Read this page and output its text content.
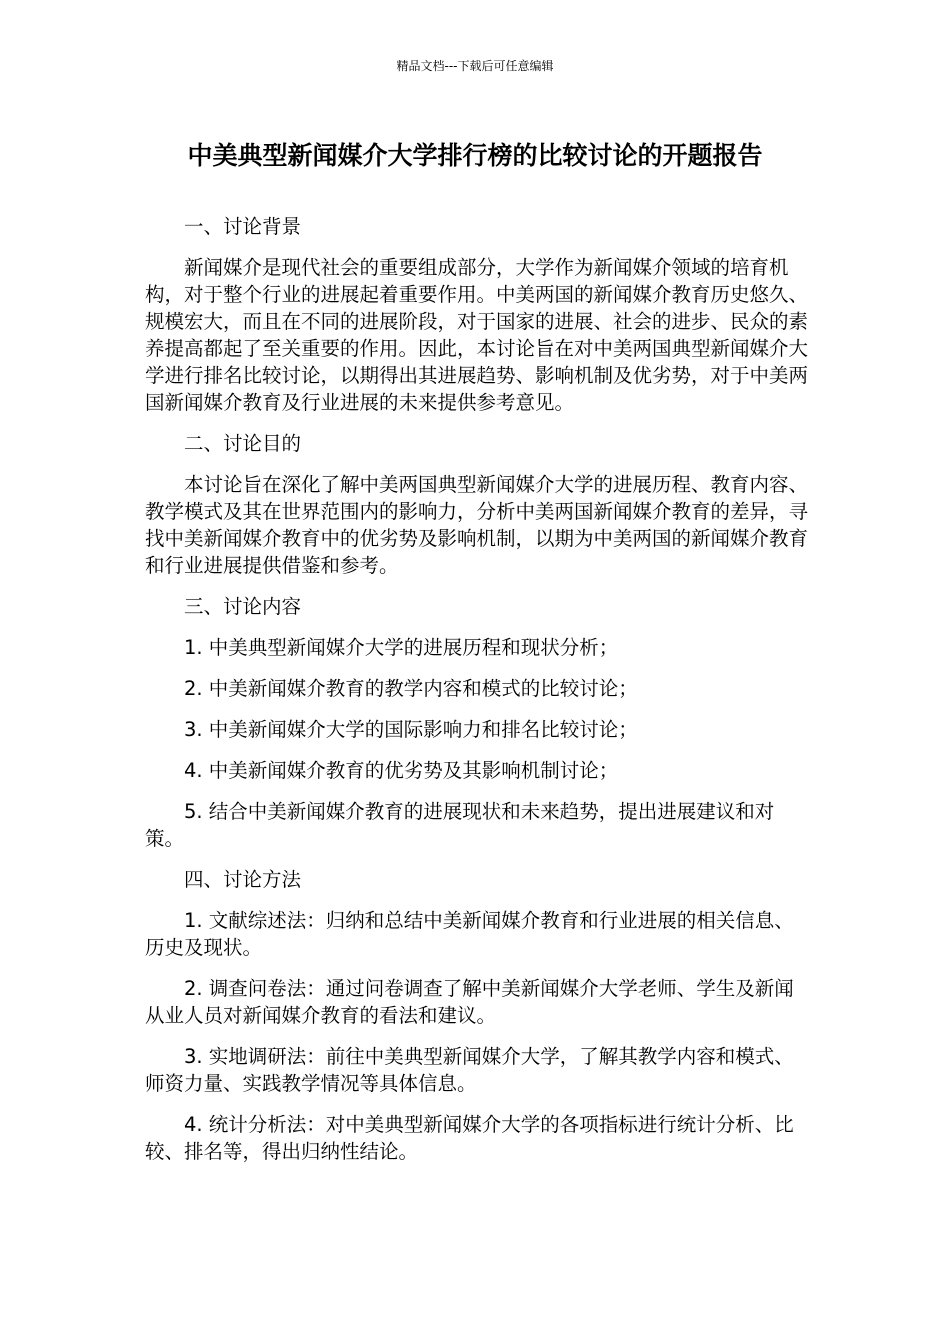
精品文档---下载后可任意编辑
中美典型新闻媒介大学排行榜的比较讨论的开题报告

一、讨论背景

新闻媒介是现代社会的重要组成部分，大学作为新闻媒介领域的培育机构，对于整个行业的进展起着重要作用。中美两国的新闻媒介教育历史悠久、规模宏大，而且在不同的进展阶段，对于国家的进展、社会的进步、民众的素养提高都起了至关重要的作用。因此，本讨论旨在对中美两国典型新闻媒介大学进行排名比较讨论，以期得出其进展趋势、影响机制及优劣势，对于中美两国新闻媒介教育及行业进展的未来提供参考意见。

二、讨论目的

本讨论旨在深化了解中美两国典型新闻媒介大学的进展历程、教育内容、教学模式及其在世界范围内的影响力，分析中美两国新闻媒介教育的差异，寻找中美新闻媒介教育中的优劣势及影响机制，以期为中美两国的新闻媒介教育和行业进展提供借鉴和参考。

三、讨论内容

1. 中美典型新闻媒介大学的进展历程和现状分析；

2. 中美新闻媒介教育的教学内容和模式的比较讨论；

3. 中美新闻媒介大学的国际影响力和排名比较讨论；

4. 中美新闻媒介教育的优劣势及其影响机制讨论；

5. 结合中美新闻媒介教育的进展现状和未来趋势，提出进展建议和对策。

四、讨论方法

1. 文献综述法：归纳和总结中美新闻媒介教育和行业进展的相关信息、历史及现状。

2. 调查问卷法：通过问卷调查了解中美新闻媒介大学老师、学生及新闻从业人员对新闻媒介教育的看法和建议。

3. 实地调研法：前往中美典型新闻媒介大学，了解其教学内容和模式、师资力量、实践教学情况等具体信息。

4. 统计分析法：对中美典型新闻媒介大学的各项指标进行统计分析、比较、排名等，得出归纳性结论。
